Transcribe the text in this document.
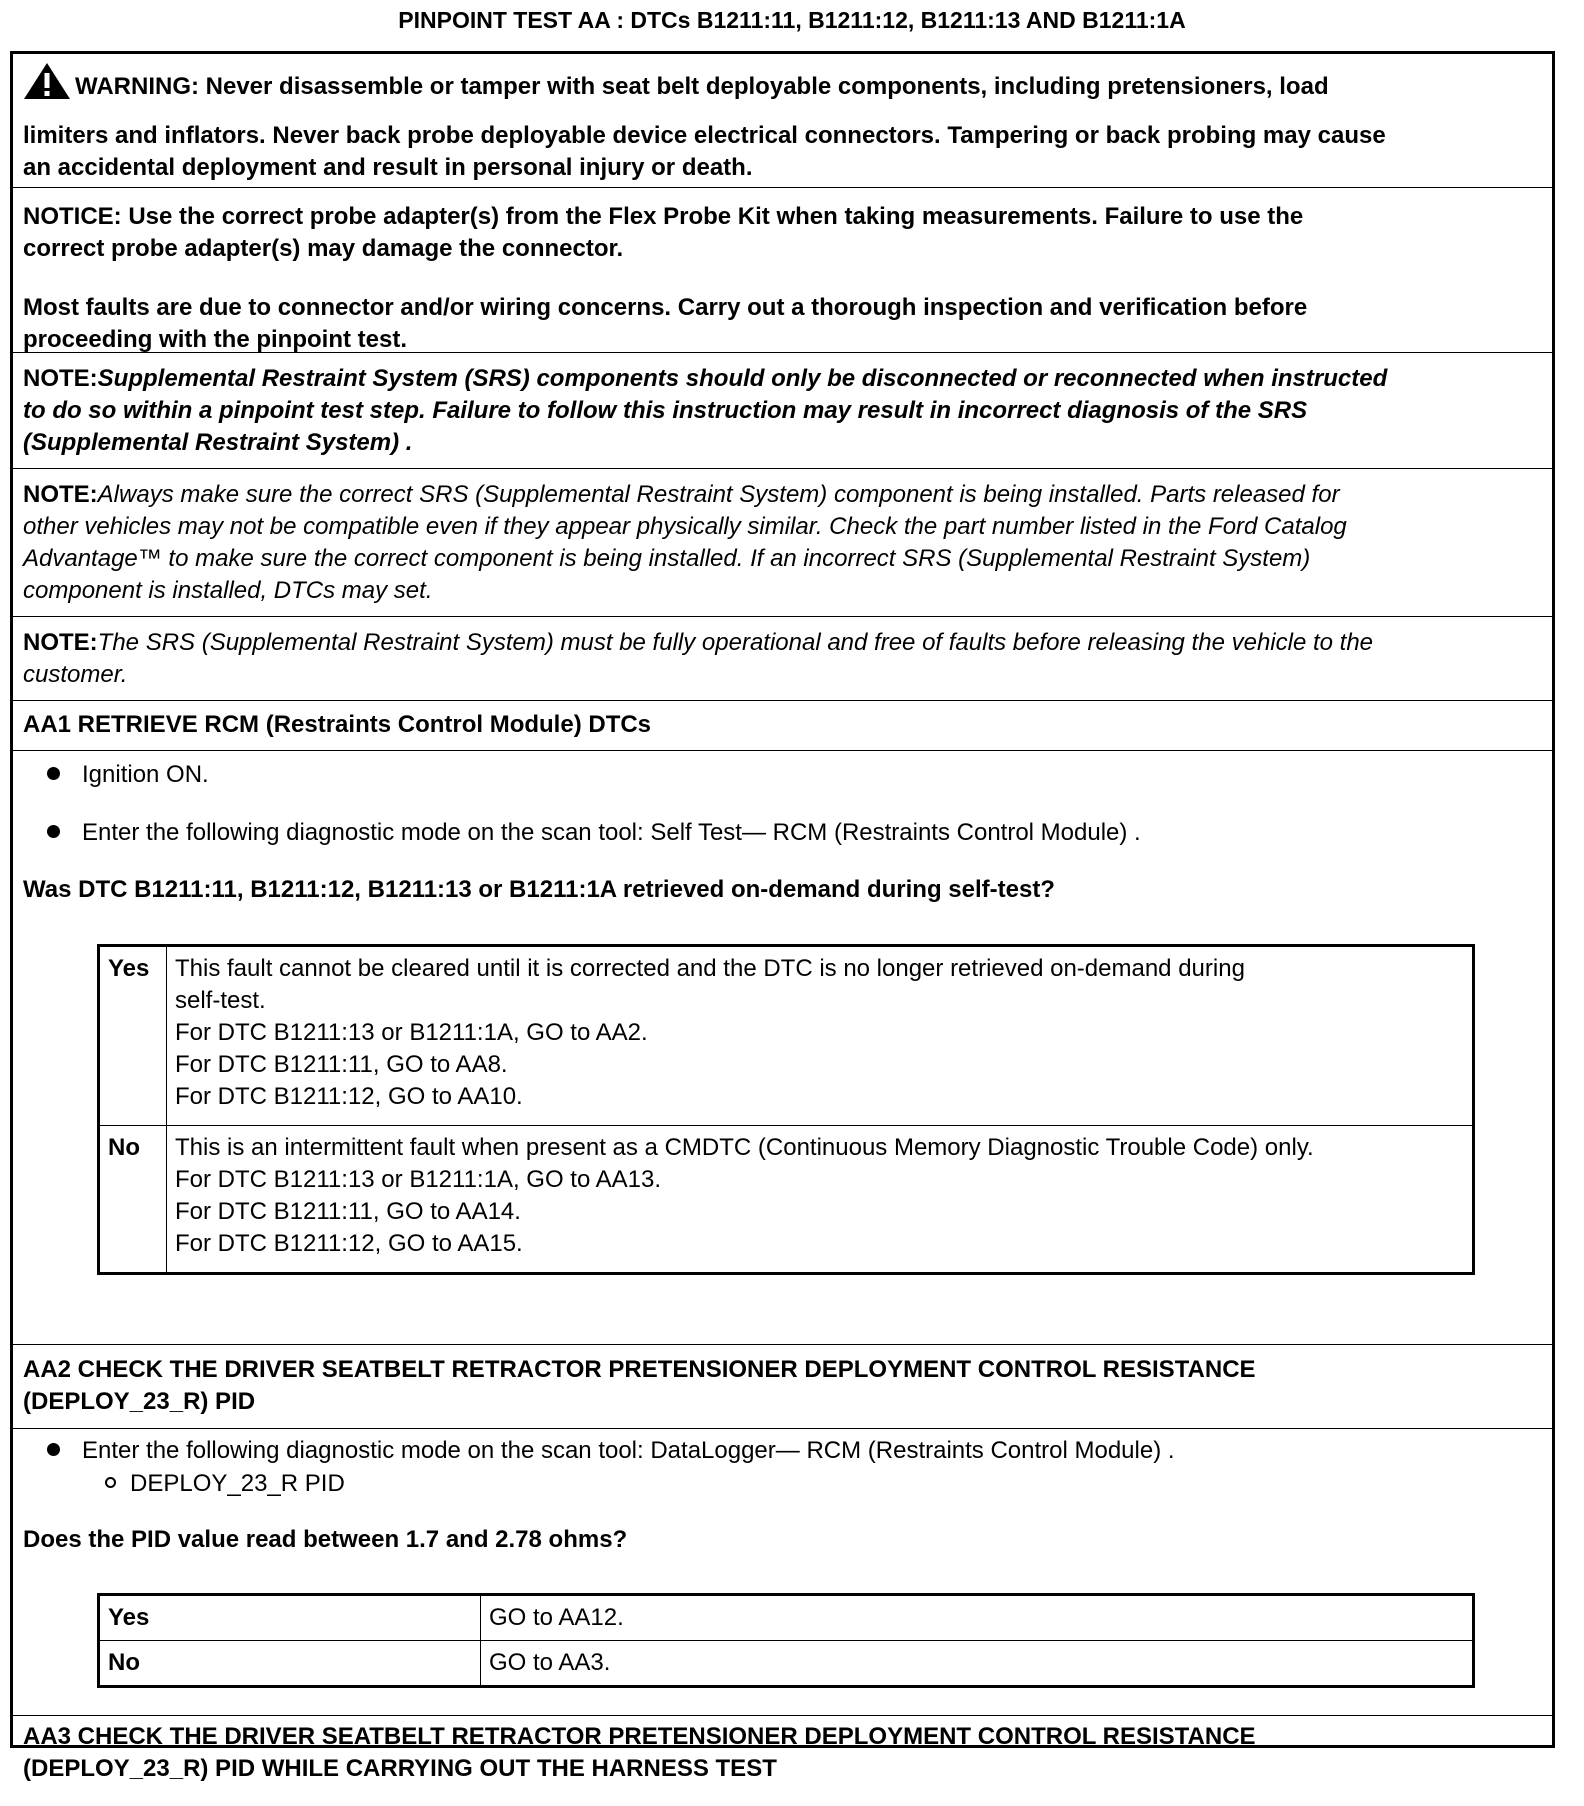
PINPOINT TEST AA : DTCs B1211:11, B1211:12, B1211:13 AND B1211:1A
WARNING: Never disassemble or tamper with seat belt deployable components, including pretensioners, load
limiters and inflators. Never back probe deployable device electrical connectors. Tampering or back probing may cause
an accidental deployment and result in personal injury or death.
NOTICE: Use the correct probe adapter(s) from the Flex Probe Kit when taking measurements. Failure to use the
correct probe adapter(s) may damage the connector.
Most faults are due to connector and/or wiring concerns. Carry out a thorough inspection and verification before
proceeding with the pinpoint test.
NOTE:Supplemental Restraint System (SRS) components should only be disconnected or reconnected when instructed
to do so within a pinpoint test step. Failure to follow this instruction may result in incorrect diagnosis of the SRS
(Supplemental Restraint System) .
NOTE:Always make sure the correct SRS (Supplemental Restraint System) component is being installed. Parts released for
other vehicles may not be compatible even if they appear physically similar. Check the part number listed in the Ford Catalog
Advantage™ to make sure the correct component is being installed. If an incorrect SRS (Supplemental Restraint System)
component is installed, DTCs may set.
NOTE:The SRS (Supplemental Restraint System) must be fully operational and free of faults before releasing the vehicle to the
customer.
AA1 RETRIEVE RCM (Restraints Control Module) DTCs
Ignition ON.
Enter the following diagnostic mode on the scan tool: Self Test— RCM (Restraints Control Module) .
Was DTC B1211:11, B1211:12, B1211:13 or B1211:1A retrieved on-demand during self-test?
Yes	This fault cannot be cleared until it is corrected and the DTC is no longer retrieved on-demand during
self-test.
For DTC B1211:13 or B1211:1A, GO to AA2.
For DTC B1211:11, GO to AA8.
For DTC B1211:12, GO to AA10.

No	This is an intermittent fault when present as a CMDTC (Continuous Memory Diagnostic Trouble Code) only.
For DTC B1211:13 or B1211:1A, GO to AA13.
For DTC B1211:11, GO to AA14.
For DTC B1211:12, GO to AA15.
AA2 CHECK THE DRIVER SEATBELT RETRACTOR PRETENSIONER DEPLOYMENT CONTROL RESISTANCE
(DEPLOY_23_R) PID
Enter the following diagnostic mode on the scan tool: DataLogger— RCM (Restraints Control Module) .
DEPLOY_23_R PID
Does the PID value read between 1.7 and 2.78 ohms?
Yes	GO to AA12.
No	GO to AA3.
AA3 CHECK THE DRIVER SEATBELT RETRACTOR PRETENSIONER DEPLOYMENT CONTROL RESISTANCE
(DEPLOY_23_R) PID WHILE CARRYING OUT THE HARNESS TEST
